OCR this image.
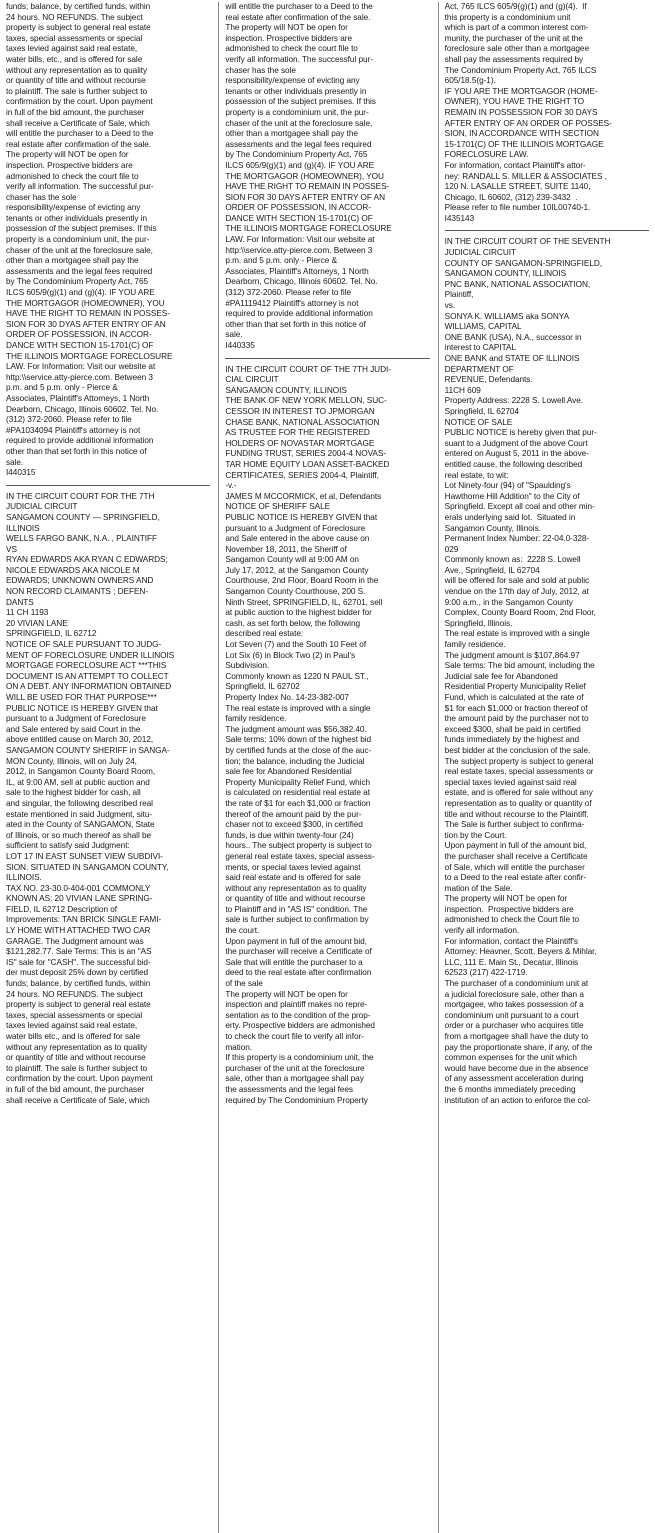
funds; balance, by certified funds, within
24 hours. NO REFUNDS. The subject
property is subject to general real estate
taxes, special assessments or special
taxes levied against said real estate,
water bills, etc., and is offered for sale
without any representation as to quality
or quantity of title and without recourse
to plaintiff. The sale is further subject to
confirmation by the court. Upon payment
in full of the bid amount, the purchaser
shall receive a Certificate of Sale, which
will entitle the purchaser to a Deed to the
real estate after confirmation of the sale.
The property will NOT be open for
inspection. Prospective bidders are
admonished to check the court file to
verify all information. The successful pur-
chaser has the sole
responsibility/expense of evicting any
tenants or other individuals presently in
possession of the subject premises. If this
property is a condominium unit, the pur-
chaser of the unit at the foreclosure sale,
other than a mortgagee shall pay the
assessments and the legal fees required
by The Condominium Property Act, 765
ILCS 605/9(g)(1) and (g)(4). IF YOU ARE
THE MORTGAGOR (HOMEOWNER), YOU
HAVE THE RIGHT TO REMAIN IN POSSES-
SION FOR 30 DYAS AFTER ENTRY OF AN
ORDER OF POSSESSION, IN ACCOR-
DANCE WITH SECTION 15-1701(C) OF
THE ILLINOIS MORTGAGE FORECLOSURE
LAW. For Information: Visit our website at
http:\\service.atty-pierce.com. Between 3
p.m. and 5 p.m. only - Pierce &
Associates, Plaintiff's Attorneys, 1 North
Dearborn, Chicago, Illinois 60602. Tel. No.
(312) 372-2060. Please refer to file
#PA1034094 Plaintiff's attorney is not
required to provide additional information
other than that set forth in this notice of
sale.
I440315
IN THE CIRCUIT COURT FOR THE 7TH
JUDICIAL CIRCUIT
SANGAMON COUNTY — SPRINGFIELD,
ILLINOIS
WELLS FARGO BANK, N.A. , PLAINTIFF
VS
RYAN EDWARDS AKA RYAN C EDWARDS;
NICOLE EDWARDS AKA NICOLE M
EDWARDS; UNKNOWN OWNERS AND
NON RECORD CLAIMANTS ; DEFEN-
DANTS
11 CH 1193
20 VIVIAN LANE
SPRINGFIELD, IL 62712
NOTICE OF SALE PURSUANT TO JUDG-
MENT OF FORECLOSURE UNDER ILLINOIS
MORTGAGE FORECLOSURE ACT ***THIS
DOCUMENT IS AN ATTEMPT TO COLLECT
ON A DEBT. ANY INFORMATION OBTAINED
WILL BE USED FOR THAT PURPOSE***
PUBLIC NOTICE IS HEREBY GIVEN that
pursuant to a Judgment of Foreclosure
and Sale entered by said Court in the
above entitled cause on March 30, 2012,
SANGAMON COUNTY SHERIFF in SANGA-
MON County, Illinois, will on July 24,
2012, in Sangamon County Board Room,
IL, at 9:00 AM, sell at public auction and
sale to the highest bidder for cash, all
and singular, the following described real
estate mentioned in said Judgment, situ-
ated in the County of SANGAMON, State
of Illinois, or so much thereof as shall be
sufficient to satisfy said Judgment:
LOT 17 IN EAST SUNSET VIEW SUBDIVI-
SION. SITUATED IN SANGAMON COUNTY,
ILLINOIS.
TAX NO. 23-30.0-404-001 COMMONLY
KNOWN AS: 20 VIVIAN LANE SPRING-
FIELD, IL 62712 Description of
Improvements: TAN BRICK SINGLE FAMI-
LY HOME WITH ATTACHED TWO CAR
GARAGE. The Judgment amount was
$121,282.77. Sale Terms: This is an "AS
IS" sale for "CASH". The successful bid-
der must deposit 25% down by certified
funds; balance, by certified funds, within
24 hours. NO REFUNDS. The subject
property is subject to general real estate
taxes, special assessments or special
taxes levied against said real estate,
water bills etc., and is offered for sale
without any representation as to quality
or quantity of title and without recourse
to plaintiff. The sale is further subject to
confirmation by the court. Upon payment
in full of the bid amount, the purchaser
shall receive a Certificate of Sale, which
will entitle the purchaser to a Deed to the
real estate after confirmation of the sale.
The property will NOT be open for
inspection. Prospective bidders are
admonished to check the court file to
verify all information. The successful pur-
chaser has the sole
responsibility/expense of evicting any
tenants or other individuals presently in
possession of the subject premises. If this
property is a condominium unit, the pur-
chaser of the unit at the foreclosure sale,
other than a mortgagee shall pay the
assessments and the legal fees required
by The Condominium Property Act, 765
ILCS 605/9(g)(1) and (g)(4). IF YOU ARE
THE MORTGAGOR (HOMEOWNER), YOU
HAVE THE RIGHT TO REMAIN IN POSSES-
SION FOR 30 DAYS AFTER ENTRY OF AN
ORDER OF POSSESSION, IN ACCOR-
DANCE WITH SECTION 15-1701(C) OF
THE ILLINOIS MORTGAGE FORECLOSURE
LAW. For Information: Visit our website at
http:\\service.atty-pierce.com. Between 3
p.m. and 5 p.m. only - Pierce &
Associates, Plaintiff's Attorneys, 1 North
Dearborn, Chicago, Illinois 60602. Tel. No.
(312) 372-2060. Please refer to file
#PA1119412 Plaintiff's attorney is not
required to provide additional information
other than that set forth in this notice of
sale.
I440335
IN THE CIRCUIT COURT OF THE 7TH JUDI-
CIAL CIRCUIT
SANGAMON COUNTY, ILLINOIS
THE BANK OF NEW YORK MELLON, SUC-
CESSOR IN INTEREST TO JPMORGAN
CHASE BANK, NATIONAL ASSOCIATION
AS TRUSTEE FOR THE REGISTERED
HOLDERS OF NOVASTAR MORTGAGE
FUNDING TRUST, SERIES 2004-4 NOVAS-
TAR HOME EQUITY LOAN ASSET-BACKED
CERTIFICATES, SERIES 2004-4, Plaintiff,
-v.-
JAMES M MCCORMICK, et al, Defendants
NOTICE OF SHERIFF SALE
PUBLIC NOTICE IS HEREBY GIVEN that
pursuant to a Judgment of Foreclosure
and Sale entered in the above cause on
November 18, 2011, the Sheriff of
Sangamon County will at 9:00 AM on
July 17, 2012, at the Sangamon County
Courthouse, 2nd Floor, Board Room in the
Sangamon County Courthouse, 200 S.
Ninth Street, SPRINGFIELD, IL, 62701, sell
at public auction to the highest bidder for
cash, as set forth below, the following
described real estate:
Lot Seven (7) and the South 10 Feet of
Lot Six (6) in Block Two (2) in Paul's
Subdivision.
Commonly known as 1220 N PAUL ST.,
Springfield, IL 62702
Property Index No. 14-23-382-007
The real estate is improved with a single
family residence.
The judgment amount was $56,382.40.
Sale terms: 10% down of the highest bid
by certified funds at the close of the auc-
tion; the balance, including the Judicial
sale fee for Abandoned Residential
Property Municipality Relief Fund, which
is calculated on residential real estate at
the rate of $1 for each $1,000 or fraction
thereof of the amount paid by the pur-
chaser not to exceed $300, in certified
funds, is due within twenty-four (24)
hours.. The subject property is subject to
general real estate taxes, special assess-
ments, or special taxes levied against
said real estate and is offered for sale
without any representation as to quality
or quantity of title and without recourse
to Plaintiff and in "AS IS" condition. The
sale is further subject to confirmation by
the court.
Upon payment in full of the amount bid,
the purchaser will receive a Certificate of
Sale that will entitle the purchaser to a
deed to the real estate after confirmation
of the sale
The property will NOT be open for
inspection and plaintiff makes no repre-
sentation as to the condition of the prop-
erty. Prospective bidders are admonished
to check the court file to verify all infor-
mation.
If this property is a condominium unit, the
purchaser of the unit at the foreclosure
sale, other than a mortgagee shall pay
the assessments and the legal fees
required by The Condominium Property
Act, 765 ILCS 605/9(g)(1) and (g)(4).  If
this property is a condominium unit
which is part of a common interest com-
munity, the purchaser of the unit at the
foreclosure sale other than a mortgagee
shall pay the assessments required by
The Condominium Property Act, 765 ILCS
605/18.5(g-1).
IF YOU ARE THE MORTGAGOR (HOME-
OWNER), YOU HAVE THE RIGHT TO
REMAIN IN POSSESSION FOR 30 DAYS
AFTER ENTRY OF AN ORDER OF POSSES-
SION, IN ACCORDANCE WITH SECTION
15-1701(C) OF THE ILLINOIS MORTGAGE
FORECLOSURE LAW.
For information, contact Plaintiff's attor-
ney: RANDALL S. MILLER & ASSOCIATES ,
120 N. LASALLE STREET, SUITE 1140,
Chicago, IL 60602, (312) 239-3432  .
Please refer to file number 10IL00740-1.
I435143
IN THE CIRCUIT COURT OF THE SEVENTH
JUDICIAL CIRCUIT
COUNTY OF SANGAMON-SPRINGFIELD,
SANGAMON COUNTY, ILLINOIS
PNC BANK, NATIONAL ASSOCIATION,
Plaintiff,
vs.
SONYA K. WILLIAMS aka SONYA
WILLIAMS, CAPITAL
ONE BANK (USA), N.A., successor in
interest to CAPITAL
ONE BANK and STATE OF ILLINOIS
DEPARTMENT OF
REVENUE, Defendants.
11CH 609
Property Address: 2228 S. Lowell Ave.
Springfield, IL 62704
NOTICE OF SALE
PUBLIC NOTICE is hereby given that pur-
suant to a Judgment of the above Court
entered on August 5, 2011 in the above-
entitled cause, the following described
real estate, to wit:
Lot Ninety-four (94) of "Spaulding's
Hawthorne Hill Addition" to the City of
Springfield. Except all coal and other min-
erals underlying said lot.  Situated in
Sangamon County, Illinois.
Permanent Index Number: 22-04.0-328-
029
Commonly known as:  2228 S. Lowell
Ave., Springfield, IL 62704
will be offered for sale and sold at public
vendue on the 17th day of July, 2012, at
9:00 a.m., in the Sangamon County
Complex, County Board Room, 2nd Floor,
Springfield, Illinois.
The real estate is improved with a single
family residence.
The judgment amount is $107,864.97
Sale terms: The bid amount, including the
Judicial sale fee for Abandoned
Residential Property Municipality Relief
Fund, which is calculated at the rate of
$1 for each $1,000 or fraction thereof of
the amount paid by the purchaser not to
exceed $300, shall be paid in certified
funds immediately by the highest and
best bidder at the conclusion of the sale.
The subject property is subject to general
real estate taxes, special assessments or
special taxes levied against said real
estate, and is offered for sale without any
representation as to quality or quantity of
title and without recourse to the Plaintiff.
The Sale is further subject to confirma-
tion by the Court.
Upon payment in full of the amount bid,
the purchaser shall receive a Certificate
of Sale, which will entitle the purchaser
to a Deed to the real estate after confir-
mation of the Sale.
The property will NOT be open for
inspection.  Prospective bidders are
admonished to check the Court file to
verify all information.
For information, contact the Plaintiff's
Attorney: Heavner, Scott, Beyers & Mihlar,
LLC, 111 E. Main St., Decatur, Illinois
62523 (217) 422-1719.
The purchaser of a condominium unit at
a judicial foreclosure sale, other than a
mortgagee, who takes possession of a
condominium unit pursuant to a court
order or a purchaser who acquires title
from a mortgagee shall have the duty to
pay the proportionate share, if any, of the
common expenses for the unit which
would have become due in the absence
of any assessment acceleration during
the 6 months immediately preceding
institution of an action to enforce the col-
